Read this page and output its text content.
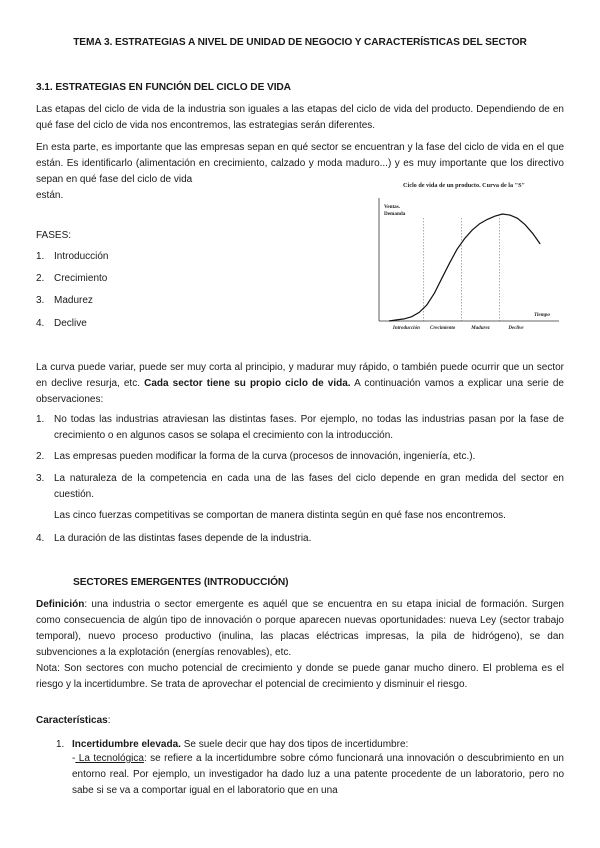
TEMA 3. ESTRATEGIAS A NIVEL DE UNIDAD DE NEGOCIO Y CARACTERÍSTICAS DEL SECTOR

3.1. ESTRATEGIAS EN FUNCIÓN DEL CICLO DE VIDA

Las etapas del ciclo de vida de la industria son iguales a las etapas del ciclo de vida del producto. Dependiendo de en qué fase del ciclo de vida nos encontremos, las estrategias serán diferentes.

En esta parte, es importante que las empresas sepan en qué sector se encuentran y la fase del ciclo de vida en el que están. Es identificarlo (alimentación en crecimiento, calzado y moda maduro...) y es muy importante que los directivo sepan en qué fase del ciclo de vida

están.

Ciclo de vida de un producto. Curva de la "S"
Ventas.
Demanda
Tiempo
Introducción Crecimiento	Madurez	Declive

FASES:

1. Introducción
2. Crecimiento
3. Madurez
4. Declive

La curva puede variar, puede ser muy corta al principio, y madurar muy rápido, o también puede ocurrir que un sector en declive resurja, etc. Cada sector tiene su propio ciclo de vida. A continuación vamos a explicar una serie de observaciones:

1. No todas las industrias atraviesan las distintas fases. Por ejemplo, no todas las industrias pasan por la fase de crecimiento o en algunos casos se solapa el crecimiento con la introducción.
2. Las empresas pueden modificar la forma de la curva (procesos de innovación, ingeniería, etc.).
3. La naturaleza de la competencia en cada una de las fases del ciclo depende en gran medida del sector en cuestión.

Las cinco fuerzas competitivas se comportan de manera distinta según en qué fase nos encontremos.

4. La duración de las distintas fases depende de la industria.
SECTORES EMERGENTES (INTRODUCCIÓN)

Definición: una industria o sector emergente es aquél que se encuentra en su etapa inicial de formación. Surgen como consecuencia de algún tipo de innovación o porque aparecen nuevas oportunidades: nueva Ley (sector trabajo temporal), nuevo proceso productivo (inulina, las placas eléctricas impresas, la pila de hidrógeno), se dan subvenciones a la explotación (energías renovables), etc.

Nota: Son sectores con mucho potencial de crecimiento y donde se puede ganar mucho dinero. El problema es el riesgo y la incertidumbre. Se trata de aprovechar el potencial de crecimiento y disminuir el riesgo.

Características:

1. Incertidumbre elevada. Se suele decir que hay dos tipos de incertidumbre:

- La tecnológica: se refiere a la incertidumbre sobre cómo funcionará una innovación o descubrimiento en un entorno real. Por ejemplo, un investigador ha dado luz a una patente procedente de un laboratorio, pero no sabe si se va a comportar igual en el laboratorio que en una
